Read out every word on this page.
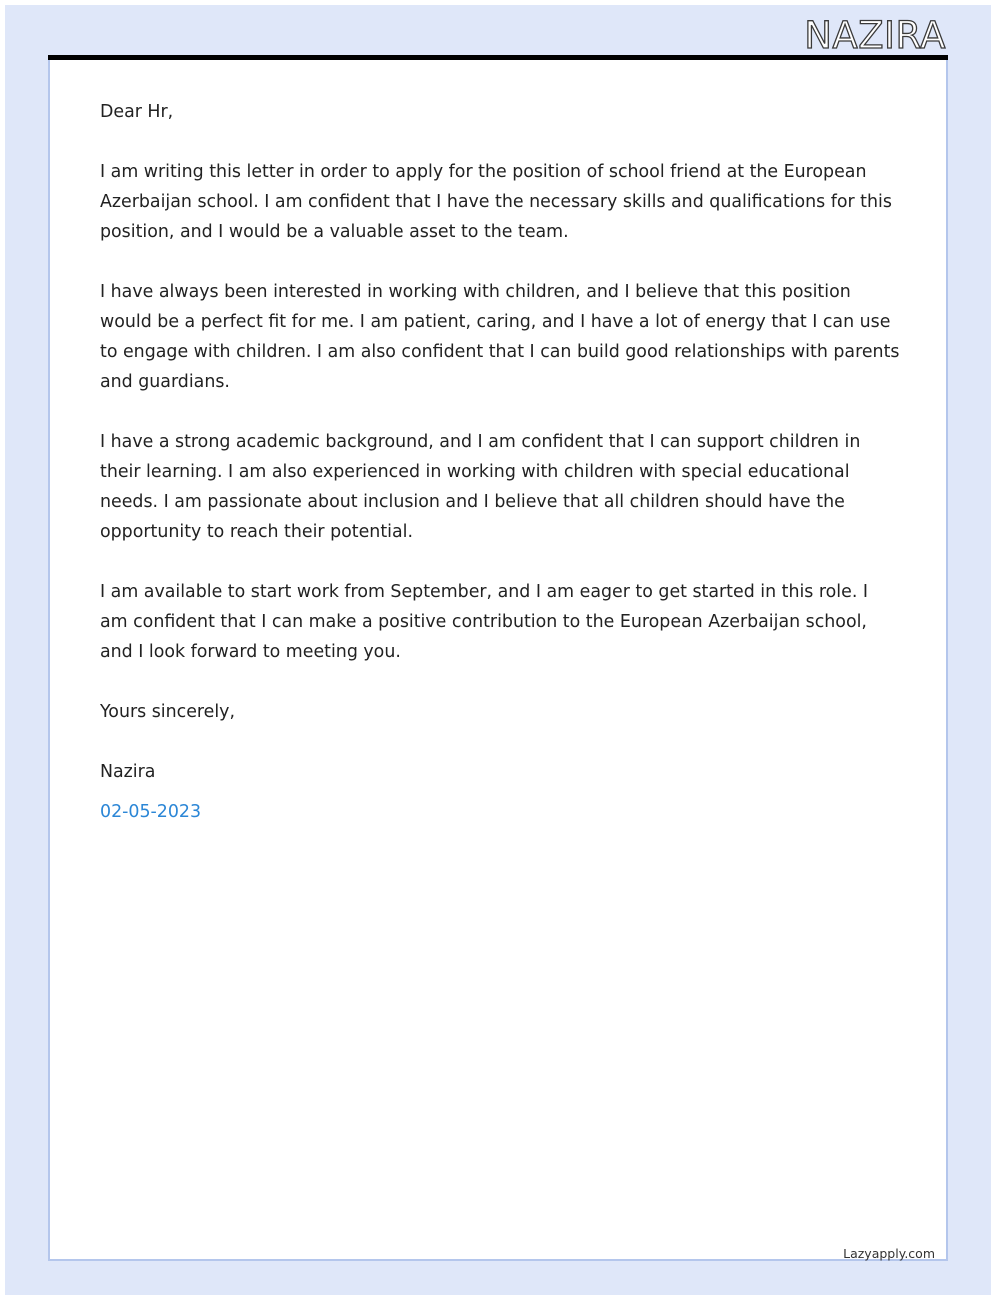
NAZIRA

Dear Hr,

I am writing this letter in order to apply for the position of school friend at the European Azerbaijan school. I am confident that I have the necessary skills and qualifications for this position, and I would be a valuable asset to the team.

I have always been interested in working with children, and I believe that this position would be a perfect fit for me. I am patient, caring, and I have a lot of energy that I can use to engage with children. I am also confident that I can build good relationships with parents and guardians.

I have a strong academic background, and I am confident that I can support children in their learning. I am also experienced in working with children with special educational needs. I am passionate about inclusion and I believe that all children should have the opportunity to reach their potential.

I am available to start work from September, and I am eager to get started in this role. I am confident that I can make a positive contribution to the European Azerbaijan school, and I look forward to meeting you.

Yours sincerely,

Nazira

02-05-2023

Lazyapply.com
